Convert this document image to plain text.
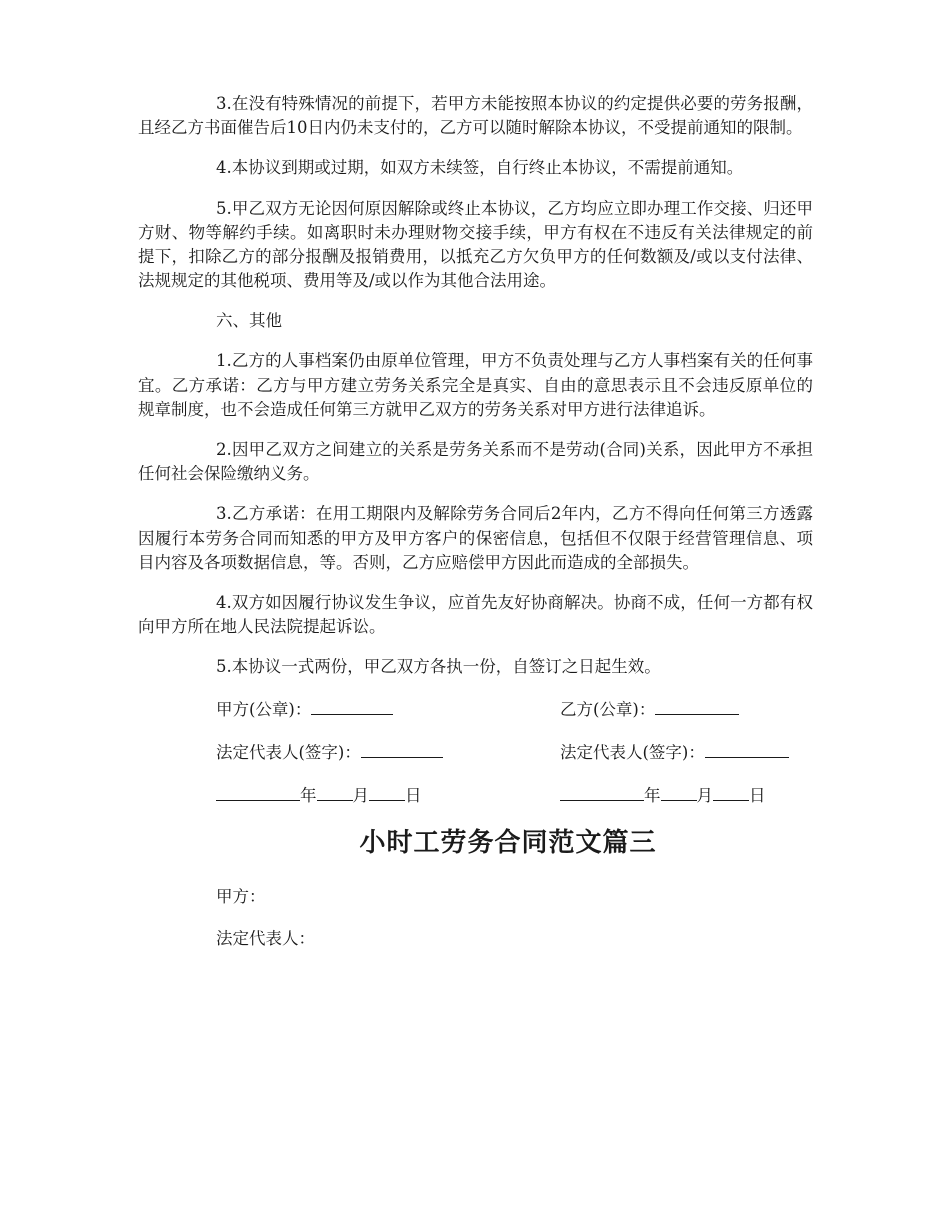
3.在没有特殊情况的前提下，若甲方未能按照本协议的约定提供必要的劳务报酬，且经乙方书面催告后10日内仍未支付的，乙方可以随时解除本协议，不受提前通知的限制。

4.本协议到期或过期，如双方未续签，自行终止本协议，不需提前通知。

5.甲乙双方无论因何原因解除或终止本协议，乙方均应立即办理工作交接、归还甲方财、物等解约手续。如离职时未办理财物交接手续，甲方有权在不违反有关法律规定的前提下，扣除乙方的部分报酬及报销费用，以抵充乙方欠负甲方的任何数额及/或以支付法律、法规规定的其他税项、费用等及/或以作为其他合法用途。

六、其他

1.乙方的人事档案仍由原单位管理，甲方不负责处理与乙方人事档案有关的任何事宜。乙方承诺：乙方与甲方建立劳务关系完全是真实、自由的意思表示且不会违反原单位的规章制度，也不会造成任何第三方就甲乙双方的劳务关系对甲方进行法律追诉。

2.因甲乙双方之间建立的关系是劳务关系而不是劳动(合同)关系，因此甲方不承担任何社会保险缴纳义务。

3.乙方承诺：在用工期限内及解除劳务合同后2年内，乙方不得向任何第三方透露因履行本劳务合同而知悉的甲方及甲方客户的保密信息，包括但不仅限于经营管理信息、项目内容及各项数据信息，等。否则，乙方应赔偿甲方因此而造成的全部损失。

4.双方如因履行协议发生争议，应首先友好协商解决。协商不成，任何一方都有权向甲方所在地人民法院提起诉讼。

5.本协议一式两份，甲乙双方各执一份，自签订之日起生效。

甲方(公章)：	乙方(公章)：
法定代表人(签字)：	法定代表人(签字)：
年 月 日	年 月 日
小时工劳务合同范文篇三
甲方：
法定代表人：
